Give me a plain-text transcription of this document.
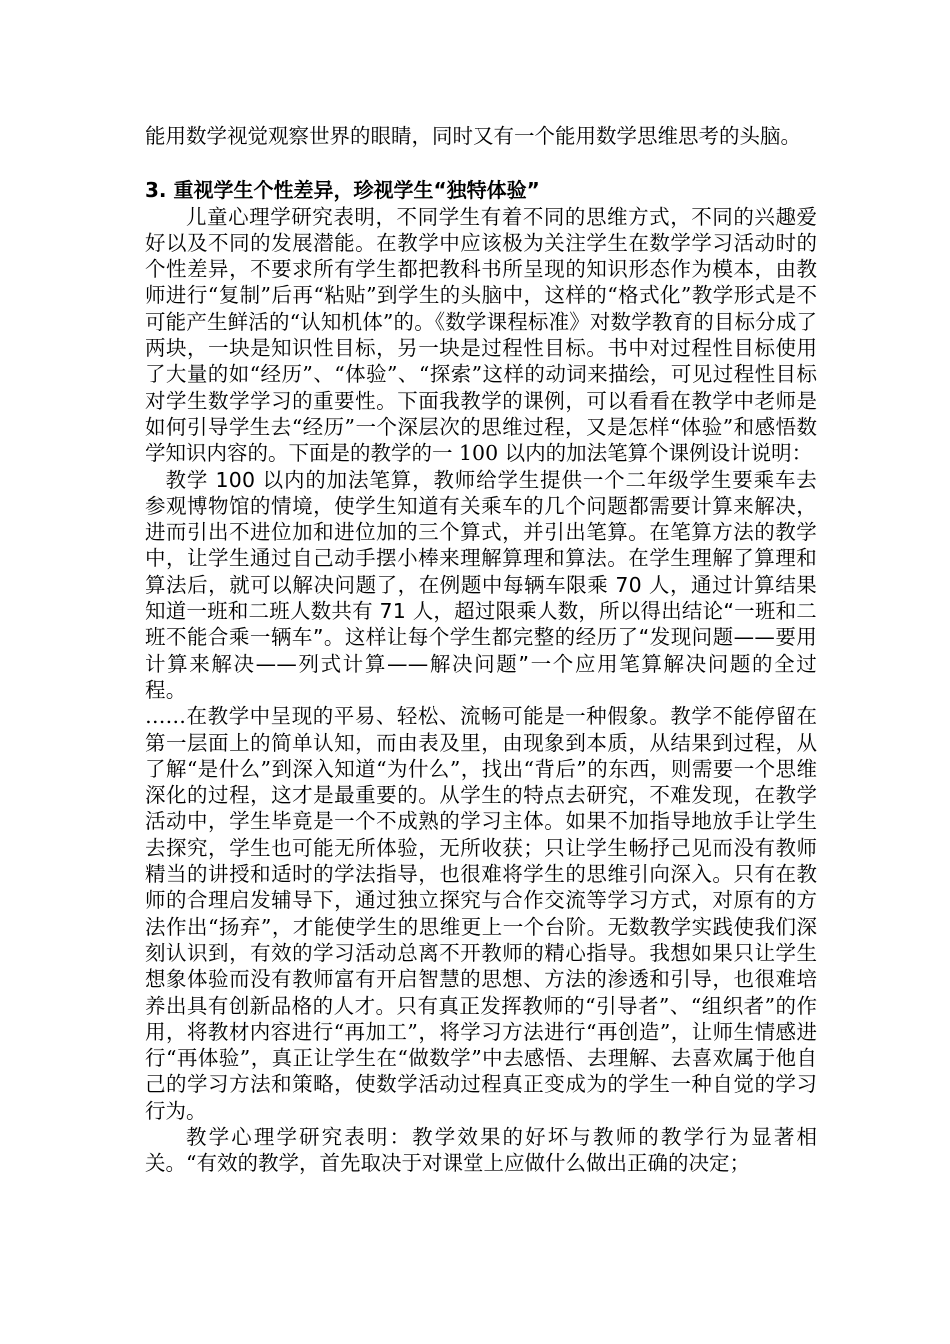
能用数学视觉观察世界的眼睛，同时又有一个能用数学思维思考的头脑。

3. 重视学生个性差异，珍视学生“独特体验”

儿童心理学研究表明，不同学生有着不同的思维方式，不同的兴趣爱好以及不同的发展潜能。在教学中应该极为关注学生在数学学习活动时的个性差异，不要求所有学生都把教科书所呈现的知识形态作为模本，由教师进行“复制”后再“粘贴”到学生的头脑中，这样的“格式化”教学形式是不可能产生鲜活的“认知机体”的。《数学课程标准》对数学教育的目标分成了两块，一块是知识性目标，另一块是过程性目标。书中对过程性目标使用了大量的如“经历”、“体验”、“探索”这样的动词来描绘，可见过程性目标对学生数学学习的重要性。下面我教学的课例，可以看看在教学中老师是如何引导学生去“经历”一个深层次的思维过程，又是怎样“体验”和感悟数学知识内容的。下面是的教学的一 100 以内的加法笔算个课例设计说明：

教学 100 以内的加法笔算，教师给学生提供一个二年级学生要乘车去参观博物馆的情境，使学生知道有关乘车的几个问题都需要计算来解决，进而引出不进位加和进位加的三个算式，并引出笔算。在笔算方法的教学中，让学生通过自己动手摆小棒来理解算理和算法。在学生理解了算理和算法后，就可以解决问题了，在例题中每辆车限乘 70 人，通过计算结果知道一班和二班人数共有 71 人，超过限乘人数，所以得出结论“一班和二班不能合乘一辆车”。这样让每个学生都完整的经历了“发现问题——要用计算来解决——列式计算——解决问题”一个应用笔算解决问题的全过程。

……在教学中呈现的平易、轻松、流畅可能是一种假象。教学不能停留在第一层面上的简单认知，而由表及里，由现象到本质，从结果到过程，从了解“是什么”到深入知道“为什么”，找出“背后”的东西，则需要一个思维深化的过程，这才是最重要的。从学生的特点去研究，不难发现，在教学活动中，学生毕竟是一个不成熟的学习主体。如果不加指导地放手让学生去探究，学生也可能无所体验，无所收获；只让学生畅抒己见而没有教师精当的讲授和适时的学法指导，也很难将学生的思维引向深入。只有在教师的合理启发辅导下，通过独立探究与合作交流等学习方式，对原有的方法作出“扬弃”，才能使学生的思维更上一个台阶。无数教学实践使我们深刻认识到，有效的学习活动总离不开教师的精心指导。我想如果只让学生想象体验而没有教师富有开启智慧的思想、方法的渗透和引导，也很难培养出具有创新品格的人才。只有真正发挥教师的“引导者”、“组织者”的作用，将教材内容进行“再加工”，将学习方法进行“再创造”，让师生情感进行“再体验”，真正让学生在“做数学”中去感悟、去理解、去喜欢属于他自己的学习方法和策略，使数学活动过程真正变成为的学生一种自觉的学习行为。

教学心理学研究表明：教学效果的好坏与教师的教学行为显著相关。“有效的教学，首先取决于对课堂上应做什么做出正确的决定；
